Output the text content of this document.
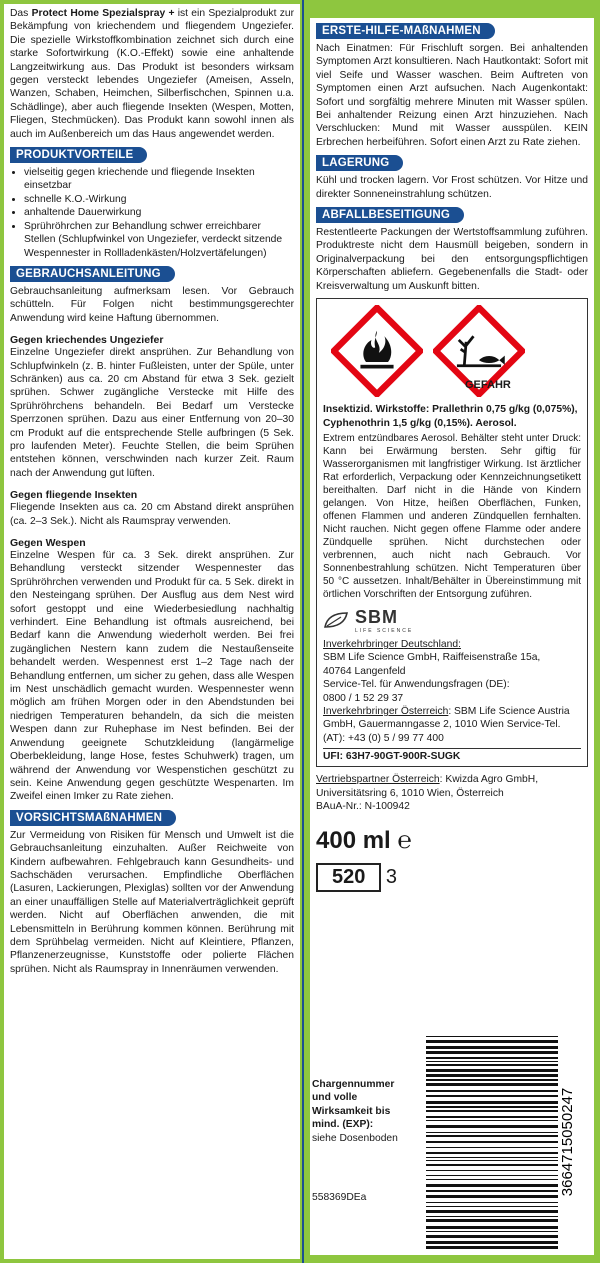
Das Protect Home Spezialspray + ist ein Spezialprodukt zur Bekämpfung von kriechendem und fliegendem Ungeziefer. Die spezielle Wirkstoffkombination zeichnet sich durch eine starke Sofortwirkung (K.O.-Effekt) sowie eine anhaltende Langzeitwirkung aus. Das Produkt ist besonders wirksam gegen versteckt lebendes Ungeziefer (Ameisen, Asseln, Wanzen, Schaben, Heimchen, Silberfischchen, Spinnen u.a. Schädlinge), aber auch fliegende Insekten (Wespen, Motten, Fliegen, Stechmücken). Das Produkt kann sowohl innen als auch im Außenbereich um das Haus angewendet werden.
PRODUKTVORTEILE
• vielseitig gegen kriechende und fliegende Insekten einsetzbar
• schnelle K.O.-Wirkung
• anhaltende Dauerwirkung
• Sprühröhrchen zur Behandlung schwer erreichbarer Stellen (Schlupfwinkel von Ungeziefer, verdeckt sitzende Wespennester in Rollladenkästen/Holzvertäfelungen)
GEBRAUCHSANLEITUNG
Gebrauchsanleitung aufmerksam lesen. Vor Gebrauch schütteln. Für Folgen nicht bestimmungsgerechter Anwendung wird keine Haftung übernommen.
Gegen kriechendes Ungeziefer
Einzelne Ungeziefer direkt ansprühen. Zur Behandlung von Schlupfwinkeln (z. B. hinter Fußleisten, unter der Spüle, unter Schränken) aus ca. 20 cm Abstand für etwa 3 Sek. gezielt sprühen. Schwer zugängliche Verstecke mit Hilfe des Sprühröhrchens behandeln. Bei Bedarf um Verstecke Sperrzonen sprühen. Dazu aus einer Entfernung von 20–30 cm Produkt auf die entsprechende Stelle aufbringen (5 Sek. pro laufenden Meter). Feuchte Stellen, die beim Sprühen entstehen können, verschwinden nach kurzer Zeit. Raum nach der Anwendung gut lüften.
Gegen fliegende Insekten
Fliegende Insekten aus ca. 20 cm Abstand direkt ansprühen (ca. 2–3 Sek.). Nicht als Raumspray verwenden.
Gegen Wespen
Einzelne Wespen für ca. 3 Sek. direkt ansprühen. Zur Behandlung versteckt sitzender Wespennester das Sprühröhrchen verwenden und Produkt für ca. 5 Sek. direkt in den Nesteingang sprühen. Der Ausflug aus dem Nest wird sofort gestoppt und eine Wiederbesiedlung nachhaltig verhindert. Eine Behandlung ist oftmals ausreichend, bei Bedarf kann die Anwendung wiederholt werden. Bei frei zugänglichen Nestern kann zudem die Nestaußenseite behandelt werden. Wespennest erst 1–2 Tage nach der Behandlung entfernen, um sicher zu gehen, dass alle Wespen im Nest unschädlich gemacht wurden. Wespennester wenn möglich am frühen Morgen oder in den Abendstunden bei niedrigen Temperaturen behandeln, da sich die meisten Wespen dann zur Ruhephase im Nest befinden. Bei der Anwendung geeignete Schutzkleidung (langärmelige Oberbekleidung, lange Hose, festes Schuhwerk) tragen, um während der Anwendung vor Wespenstichen geschützt zu sein. Keine Anwendung gegen geschützte Wespenarten. Im Zweifel einen Imker zu Rate ziehen.
VORSICHTSMAßNAHMEN
Zur Vermeidung von Risiken für Mensch und Umwelt ist die Gebrauchsanleitung einzuhalten. Außer Reichweite von Kindern aufbewahren. Fehlgebrauch kann Gesundheits- und Sachschäden verursachen. Empfindliche Oberflächen (Lasuren, Lackierungen, Plexiglas) sollten vor der Anwendung an einer unauffälligen Stelle auf Materialverträglichkeit geprüft werden. Nicht auf Oberflächen anwenden, die mit Lebensmitteln in Berührung kommen können. Berührung mit dem Sprühbelag vermeiden. Nicht auf Kleintiere, Pflanzen, Pflanzenerzeugnisse, Kunststoffe oder polierte Flächen sprühen. Nicht als Raumspray in Innenräumen verwenden.
ERSTE-HILFE-MAßNAHMEN
Nach Einatmen: Für Frischluft sorgen. Bei anhaltenden Symptomen Arzt konsultieren. Nach Hautkontakt: Sofort mit viel Seife und Wasser waschen. Beim Auftreten von Symptomen einen Arzt aufsuchen. Nach Augenkontakt: Sofort und sorgfältig mehrere Minuten mit Wasser spülen. Bei anhaltender Reizung einen Arzt hinzuziehen. Nach Verschlucken: Mund mit Wasser ausspülen. KEIN Erbrechen herbeiführen. Sofort einen Arzt zu Rate ziehen.
LAGERUNG
Kühl und trocken lagern. Vor Frost schützen. Vor Hitze und direkter Sonneneinstrahlung schützen.
ABFALLBESEITIGUNG
Restentleerte Packungen der Wertstoffsammlung zuführen. Produktreste nicht dem Hausmüll beigeben, sondern in Originalverpackung bei den entsorgungspflichtigen Körperschaften abliefern. Gegebenenfalls die Stadt- oder Kreisverwaltung um Auskunft bitten.
GEFAHR
Insektizid. Wirkstoffe: Prallethrin 0,75 g/kg (0,075%),
Cyphenothrin 1,5 g/kg (0,15%). Aerosol.
Extrem entzündbares Aerosol. Behälter steht unter Druck: Kann bei Erwärmung bersten. Sehr giftig für Wasserorganismen mit langfristiger Wirkung. Ist ärztlicher Rat erforderlich, Verpackung oder Kennzeichnungsetikett bereithalten. Darf nicht in die Hände von Kindern gelangen. Von Hitze, heißen Oberflächen, Funken, offenen Flammen und anderen Zündquellen fernhalten. Nicht rauchen. Nicht gegen offene Flamme oder andere Zündquelle sprühen. Nicht durchstechen oder verbrennen, auch nicht nach Gebrauch. Vor Sonnenbestrahlung schützen. Nicht Temperaturen über 50 °C aussetzen. Inhalt/Behälter in Übereinstimmung mit örtlichen Vorschriften der Entsorgung zuführen.
SBM
LIFE SCIENCE
Inverkehrbringer Deutschland:
SBM Life Science GmbH, Raiffeisenstraße 15a,
40764 Langenfeld
Service-Tel. für Anwendungsfragen (DE):
0800 / 1 52 29 37
Inverkehrbringer Österreich: SBM Life Science Austria GmbH, Gauermanngasse 2, 1010 Wien Service-Tel. (AT): +43 (0) 5 / 99 77 400
UFI: 63H7-90GT-900R-SUGK
Vertriebspartner Österreich: Kwizda Agro GmbH, Universitätsring 6, 1010 Wien, Österreich
BAuA-Nr.: N-100942
400 ml ℮
520 3
Chargennummer und volle Wirksamkeit bis mind. (EXP):
siehe Dosenboden
558369DEa
3664715050247
